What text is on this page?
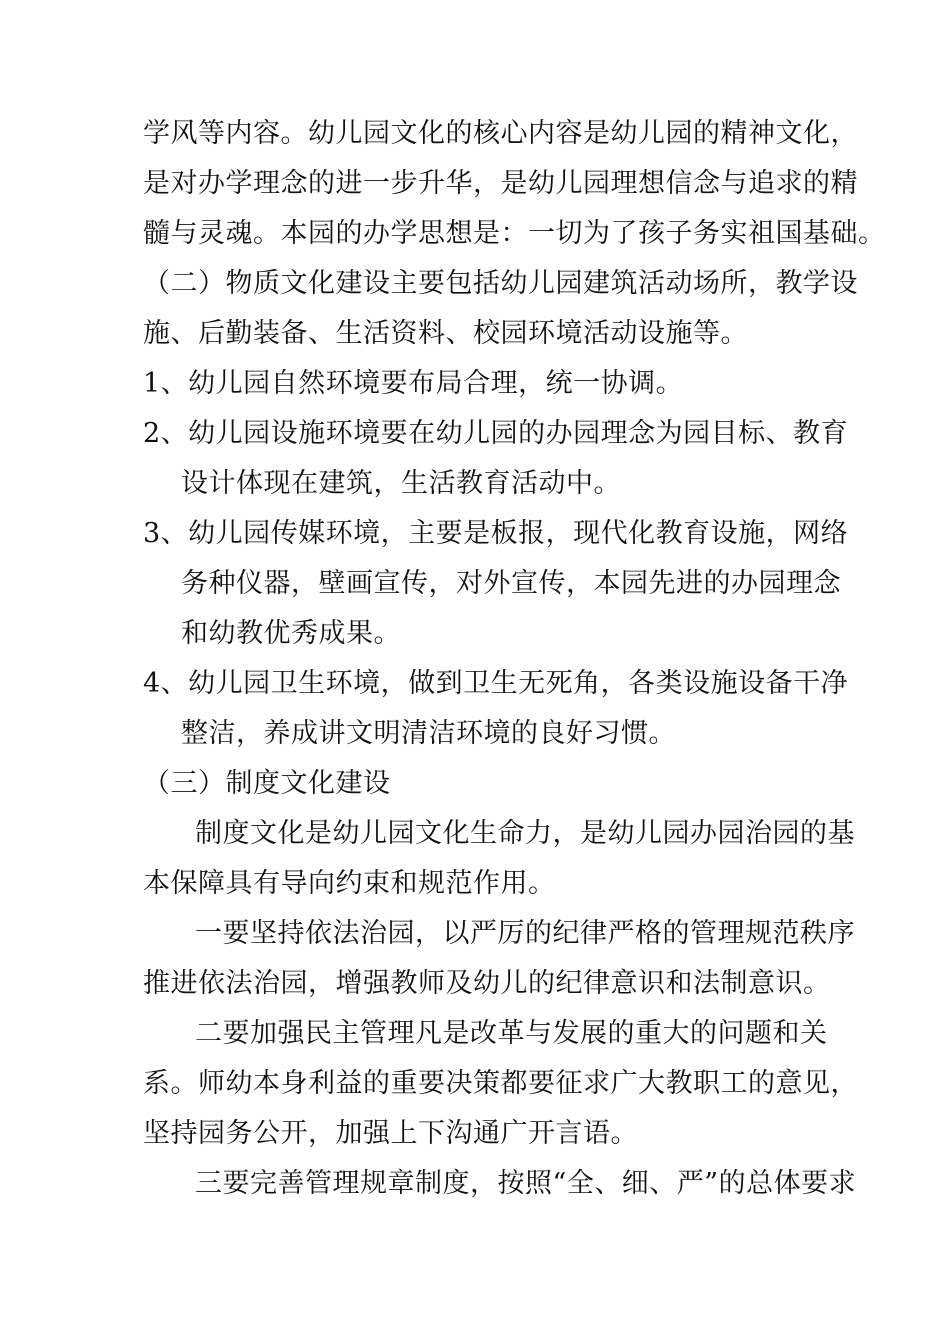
学风等内容。幼儿园文化的核心内容是幼儿园的精神文化，
是对办学理念的进一步升华，是幼儿园理想信念与追求的精
髓与灵魂。本园的办学思想是：一切为了孩子务实祖国基础。
（二）物质文化建设主要包括幼儿园建筑活动场所，教学设
施、后勤装备、生活资料、校园环境活动设施等。
1、幼儿园自然环境要布局合理，统一协调。
2、幼儿园设施环境要在幼儿园的办园理念为园目标、教育
设计体现在建筑，生活教育活动中。
3、幼儿园传媒环境，主要是板报，现代化教育设施，网络
务种仪器，壁画宣传，对外宣传，本园先进的办园理念
和幼教优秀成果。
4、幼儿园卫生环境，做到卫生无死角，各类设施设备干净
整洁，养成讲文明清洁环境的良好习惯。
（三）制度文化建设
制度文化是幼儿园文化生命力，是幼儿园办园治园的基
本保障具有导向约束和规范作用。
一要坚持依法治园，以严厉的纪律严格的管理规范秩序
推进依法治园，增强教师及幼儿的纪律意识和法制意识。
二要加强民主管理凡是改革与发展的重大的问题和关
系。师幼本身利益的重要决策都要征求广大教职工的意见，
坚持园务公开，加强上下沟通广开言语。
三要完善管理规章制度，按照“全、细、严”的总体要求
